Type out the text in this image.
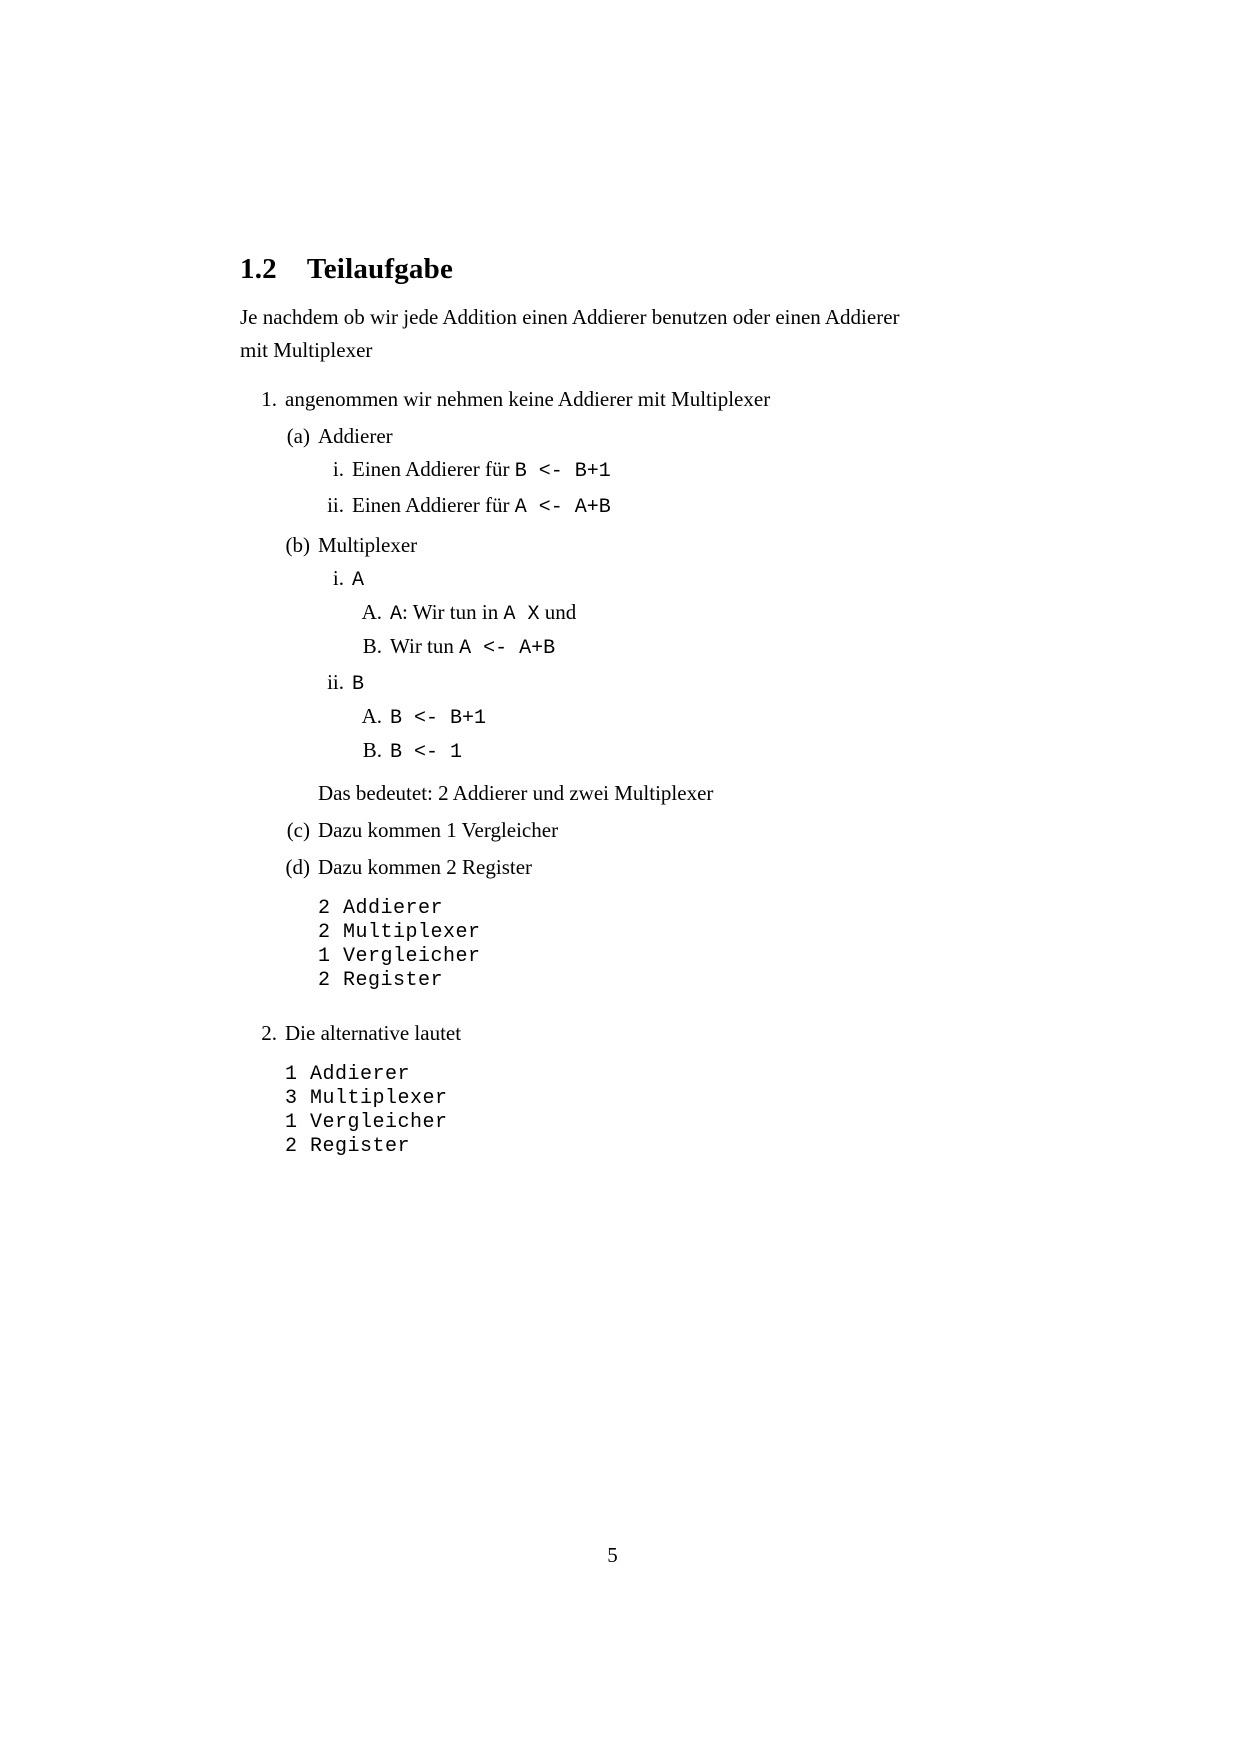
1.2 Teilaufgabe
Je nachdem ob wir jede Addition einen Addierer benutzen oder einen Addierer
mit Multiplexer
1. angenommen wir nehmen keine Addierer mit Multiplexer
(a) Addierer
i. Einen Addierer für B <- B+1
ii. Einen Addierer für A <- A+B
(b) Multiplexer
i. A
A. A: Wir tun in A X und
B. Wir tun A <- A+B
ii. B
A. B <- B+1
B. B <- 1
Das bedeutet: 2 Addierer und zwei Multiplexer
(c) Dazu kommen 1 Vergleicher
(d) Dazu kommen 2 Register
2 Addierer
2 Multiplexer
1 Vergleicher
2 Register
2. Die alternative lautet
1 Addierer
3 Multiplexer
1 Vergleicher
2 Register
5
